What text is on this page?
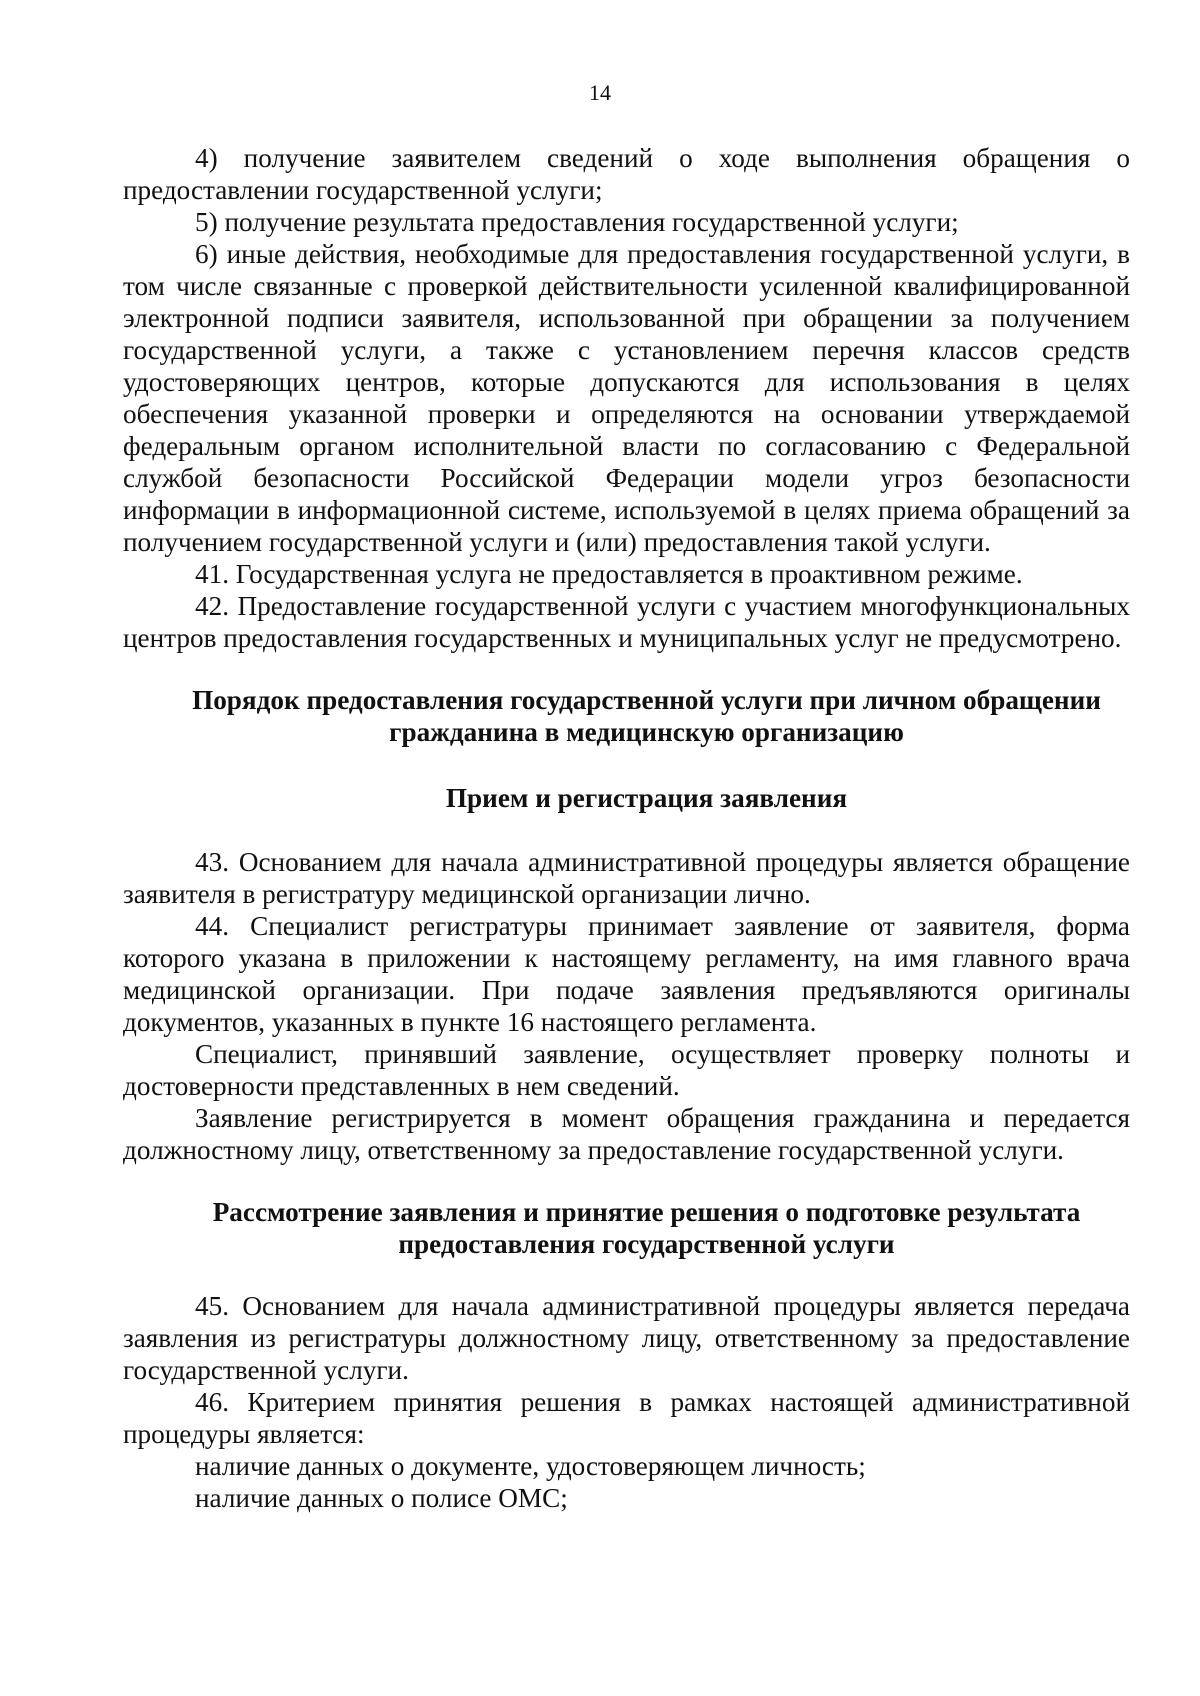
14

4) получение заявителем сведений о ходе выполнения обращения о предоставлении государственной услуги;

5) получение результата предоставления государственной услуги;

6) иные действия, необходимые для предоставления государственной услуги, в том числе связанные с проверкой действительности усиленной квалифицированной электронной подписи заявителя, использованной при обращении за получением государственной услуги, а также с установлением перечня классов средств удостоверяющих центров, которые допускаются для использования в целях обеспечения указанной проверки и определяются на основании утверждаемой федеральным органом исполнительной власти по согласованию с Федеральной службой безопасности Российской Федерации модели угроз безопасности информации в информационной системе, используемой в целях приема обращений за получением государственной услуги и (или) предоставления такой услуги.

41. Государственная услуга не предоставляется в проактивном режиме.

42. Предоставление государственной услуги с участием многофункциональных центров предоставления государственных и муниципальных услуг не предусмотрено.

Порядок предоставления государственной услуги при личном обращении гражданина в медицинскую организацию
Прием и регистрация заявления

43. Основанием для начала административной процедуры является обращение заявителя в регистратуру медицинской организации лично.

44. Специалист регистратуры принимает заявление от заявителя, форма которого указана в приложении к настоящему регламенту, на имя главного врача медицинской организации. При подаче заявления предъявляются оригиналы документов, указанных в пункте 16 настоящего регламента.

Специалист, принявший заявление, осуществляет проверку полноты и достоверности представленных в нем сведений.

Заявление регистрируется в момент обращения гражданина и передается должностному лицу, ответственному за предоставление государственной услуги.

Рассмотрение заявления и принятие решения о подготовке результата предоставления государственной услуги

45. Основанием для начала административной процедуры является передача заявления из регистратуры должностному лицу, ответственному за предоставление государственной услуги.

46. Критерием принятия решения в рамках настоящей административной процедуры является:

наличие данных о документе, удостоверяющем личность;

наличие данных о полисе ОМС;
